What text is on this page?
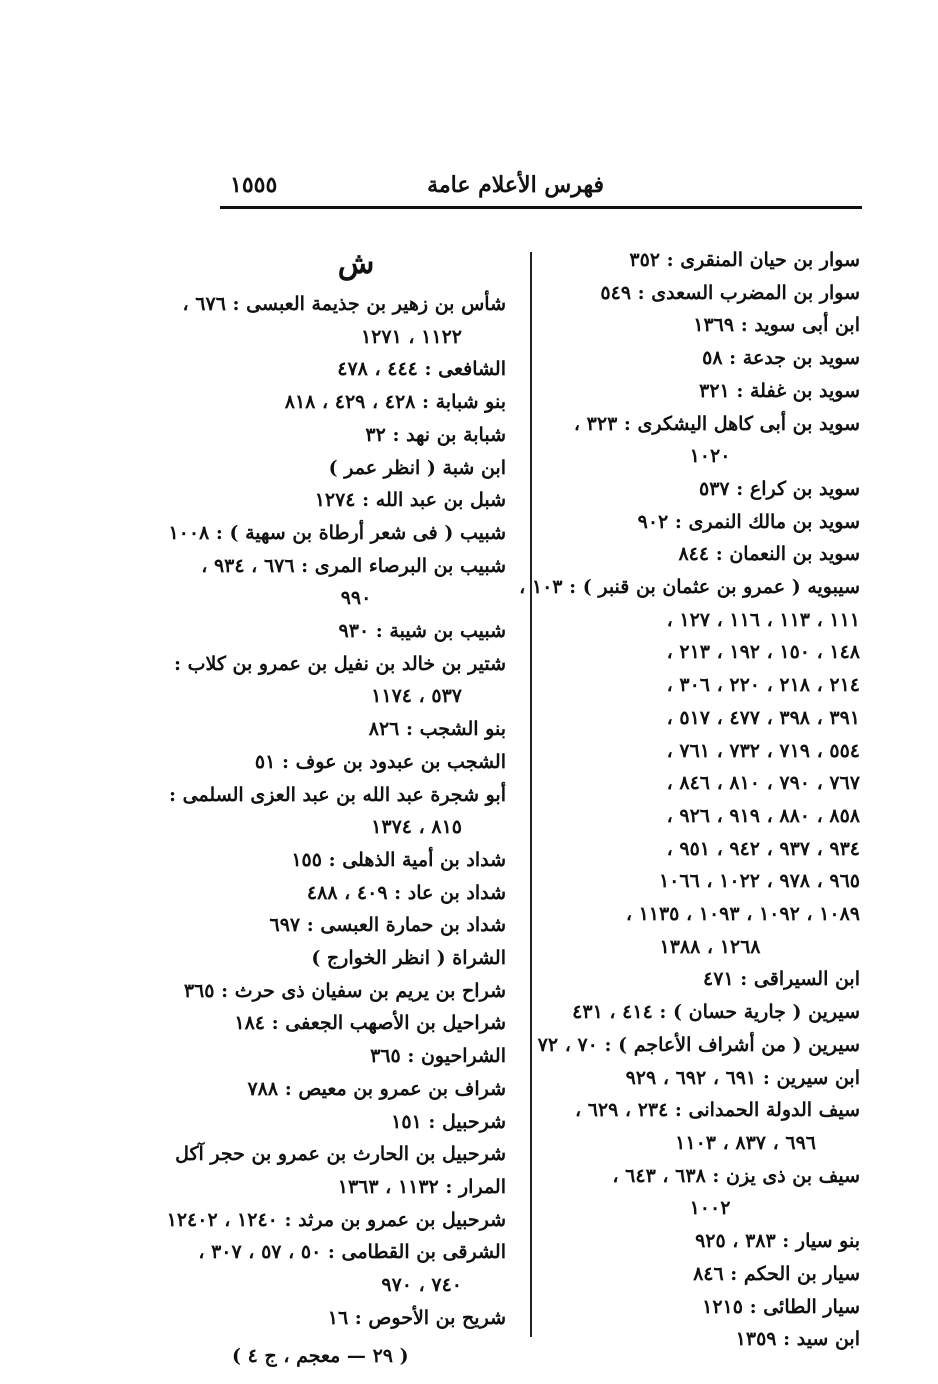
فهرس الأعلام عامة
١٥٥٥
سوار بن حيان المنقرى : ٣٥٢
سوار بن المضرب السعدى : ٥٤٩
ابن أبى سويد : ١٣٦٩
سويد بن جدعة : ٥٨
سويد بن غفلة : ٣٢١
سويد بن أبى كاهل اليشكرى : ٣٢٣ ،
١٠٢٠
سويد بن كراع : ٥٣٧
سويد بن مالك النمرى : ٩٠٢
سويد بن النعمان : ٨٤٤
سيبويه ( عمرو بن عثمان بن قنبر ) : ١٠٣ ،
١١١ ، ١١٣ ، ١١٦ ، ١٢٧ ،
١٤٨ ، ١٥٠ ، ١٩٢ ، ٢١٣ ،
٢١٤ ، ٢١٨ ، ٢٢٠ ، ٣٠٦ ،
٣٩١ ، ٣٩٨ ، ٤٧٧ ، ٥١٧ ،
٥٥٤ ، ٧١٩ ، ٧٣٢ ، ٧٦١ ،
٧٦٧ ، ٧٩٠ ، ٨١٠ ، ٨٤٦ ،
٨٥٨ ، ٨٨٠ ، ٩١٩ ، ٩٢٦ ،
٩٣٤ ، ٩٣٧ ، ٩٤٢ ، ٩٥١ ،
٩٦٥ ، ٩٧٨ ، ١٠٢٢ ، ١٠٦٦
١٠٨٩ ، ١٠٩٢ ، ١٠٩٣ ، ١١٣٥ ،
١٢٦٨ ، ١٣٨٨
ابن السيراقى : ٤٧١
سيرين ( جارية حسان ) : ٤١٤ ، ٤٣١
سيرين ( من أشراف الأعاجم ) : ٧٠ ، ٧٢
ابن سيرين : ٦٩١ ، ٦٩٢ ، ٩٢٩
سيف الدولة الحمدانى : ٢٣٤ ، ٦٢٩ ،
٦٩٦ ، ٨٣٧ ، ١١٠٣
سيف بن ذى يزن : ٦٣٨ ، ٦٤٣ ،
١٠٠٢
بنو سيار : ٣٨٣ ، ٩٢٥
سيار بن الحكم : ٨٤٦
سيار الطائى : ١٢١٥
ابن سيد : ١٣٥٩
ش
شأس بن زهير بن جذيمة العبسى : ٦٧٦ ،
١١٢٢ ، ١٢٧١
الشافعى : ٤٤٤ ، ٤٧٨
بنو شبابة : ٤٢٨ ، ٤٢٩ ، ٨١٨
شبابة بن نهد : ٣٢
ابن شبة ( انظر عمر )
شبل بن عبد الله : ١٢٧٤
شبيب ( فى شعر أرطاة بن سهية ) : ١٠٠٨
شبيب بن البرصاء المرى : ٦٧٦ ، ٩٣٤ ،
٩٩٠
شبيب بن شيبة : ٩٣٠
شتير بن خالد بن نفيل بن عمرو بن كلاب :
٥٣٧ ، ١١٧٤
بنو الشجب : ٨٢٦
الشجب بن عبدود بن عوف : ٥١
أبو شجرة عبد الله بن عبد العزى السلمى :
٨١٥ ، ١٣٧٤
شداد بن أمية الذهلى : ١٥٥
شداد بن عاد : ٤٠٩ ، ٤٨٨
شداد بن حمارة العبسى : ٦٩٧
الشراة ( انظر الخوارج )
شراح بن يريم بن سفيان ذى حرث : ٣٦٥
شراحيل بن الأصهب الجعفى : ١٨٤
الشراحيون : ٣٦٥
شراف بن عمرو بن معيص : ٧٨٨
شرحبيل : ١٥١
شرحبيل بن الحارث بن عمرو بن حجر آكل
المرار : ١١٣٢ ، ١٣٦٣
شرحبيل بن عمرو بن مرثد : ١٢٤٠ ، ١٢٤٠٢
الشرقى بن القطامى : ٥٠ ، ٥٧ ، ٣٠٧ ،
٧٤٠ ، ٩٧٠
شريح بن الأحوص : ١٦
( ٢٩ — معجم ، ج ٤ )
